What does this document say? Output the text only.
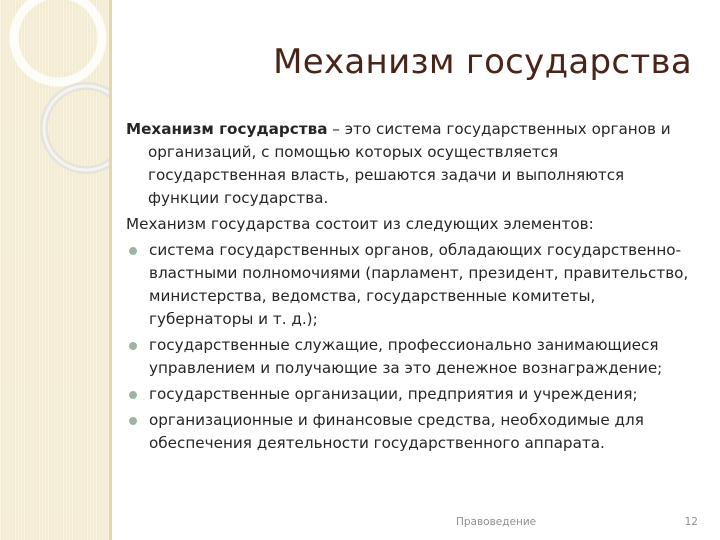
Механизм государства

Механизм государства – это система государственных органов и организаций, с помощью которых осуществляется государственная власть, решаются задачи и выполняются функции государства.

Механизм государства состоит из следующих элементов:

система государственных органов, обладающих государственно-властными полномочиями (парламент, президент, правительство, министерства, ведомства, государственные комитеты, губернаторы и т. д.);
государственные служащие, профессионально занимающиеся управлением и получающие за это денежное вознаграждение;
государственные организации, предприятия и учреждения;
организационные и финансовые средства, необходимые для обеспечения деятельности государственного аппарата.
Правоведение	12
